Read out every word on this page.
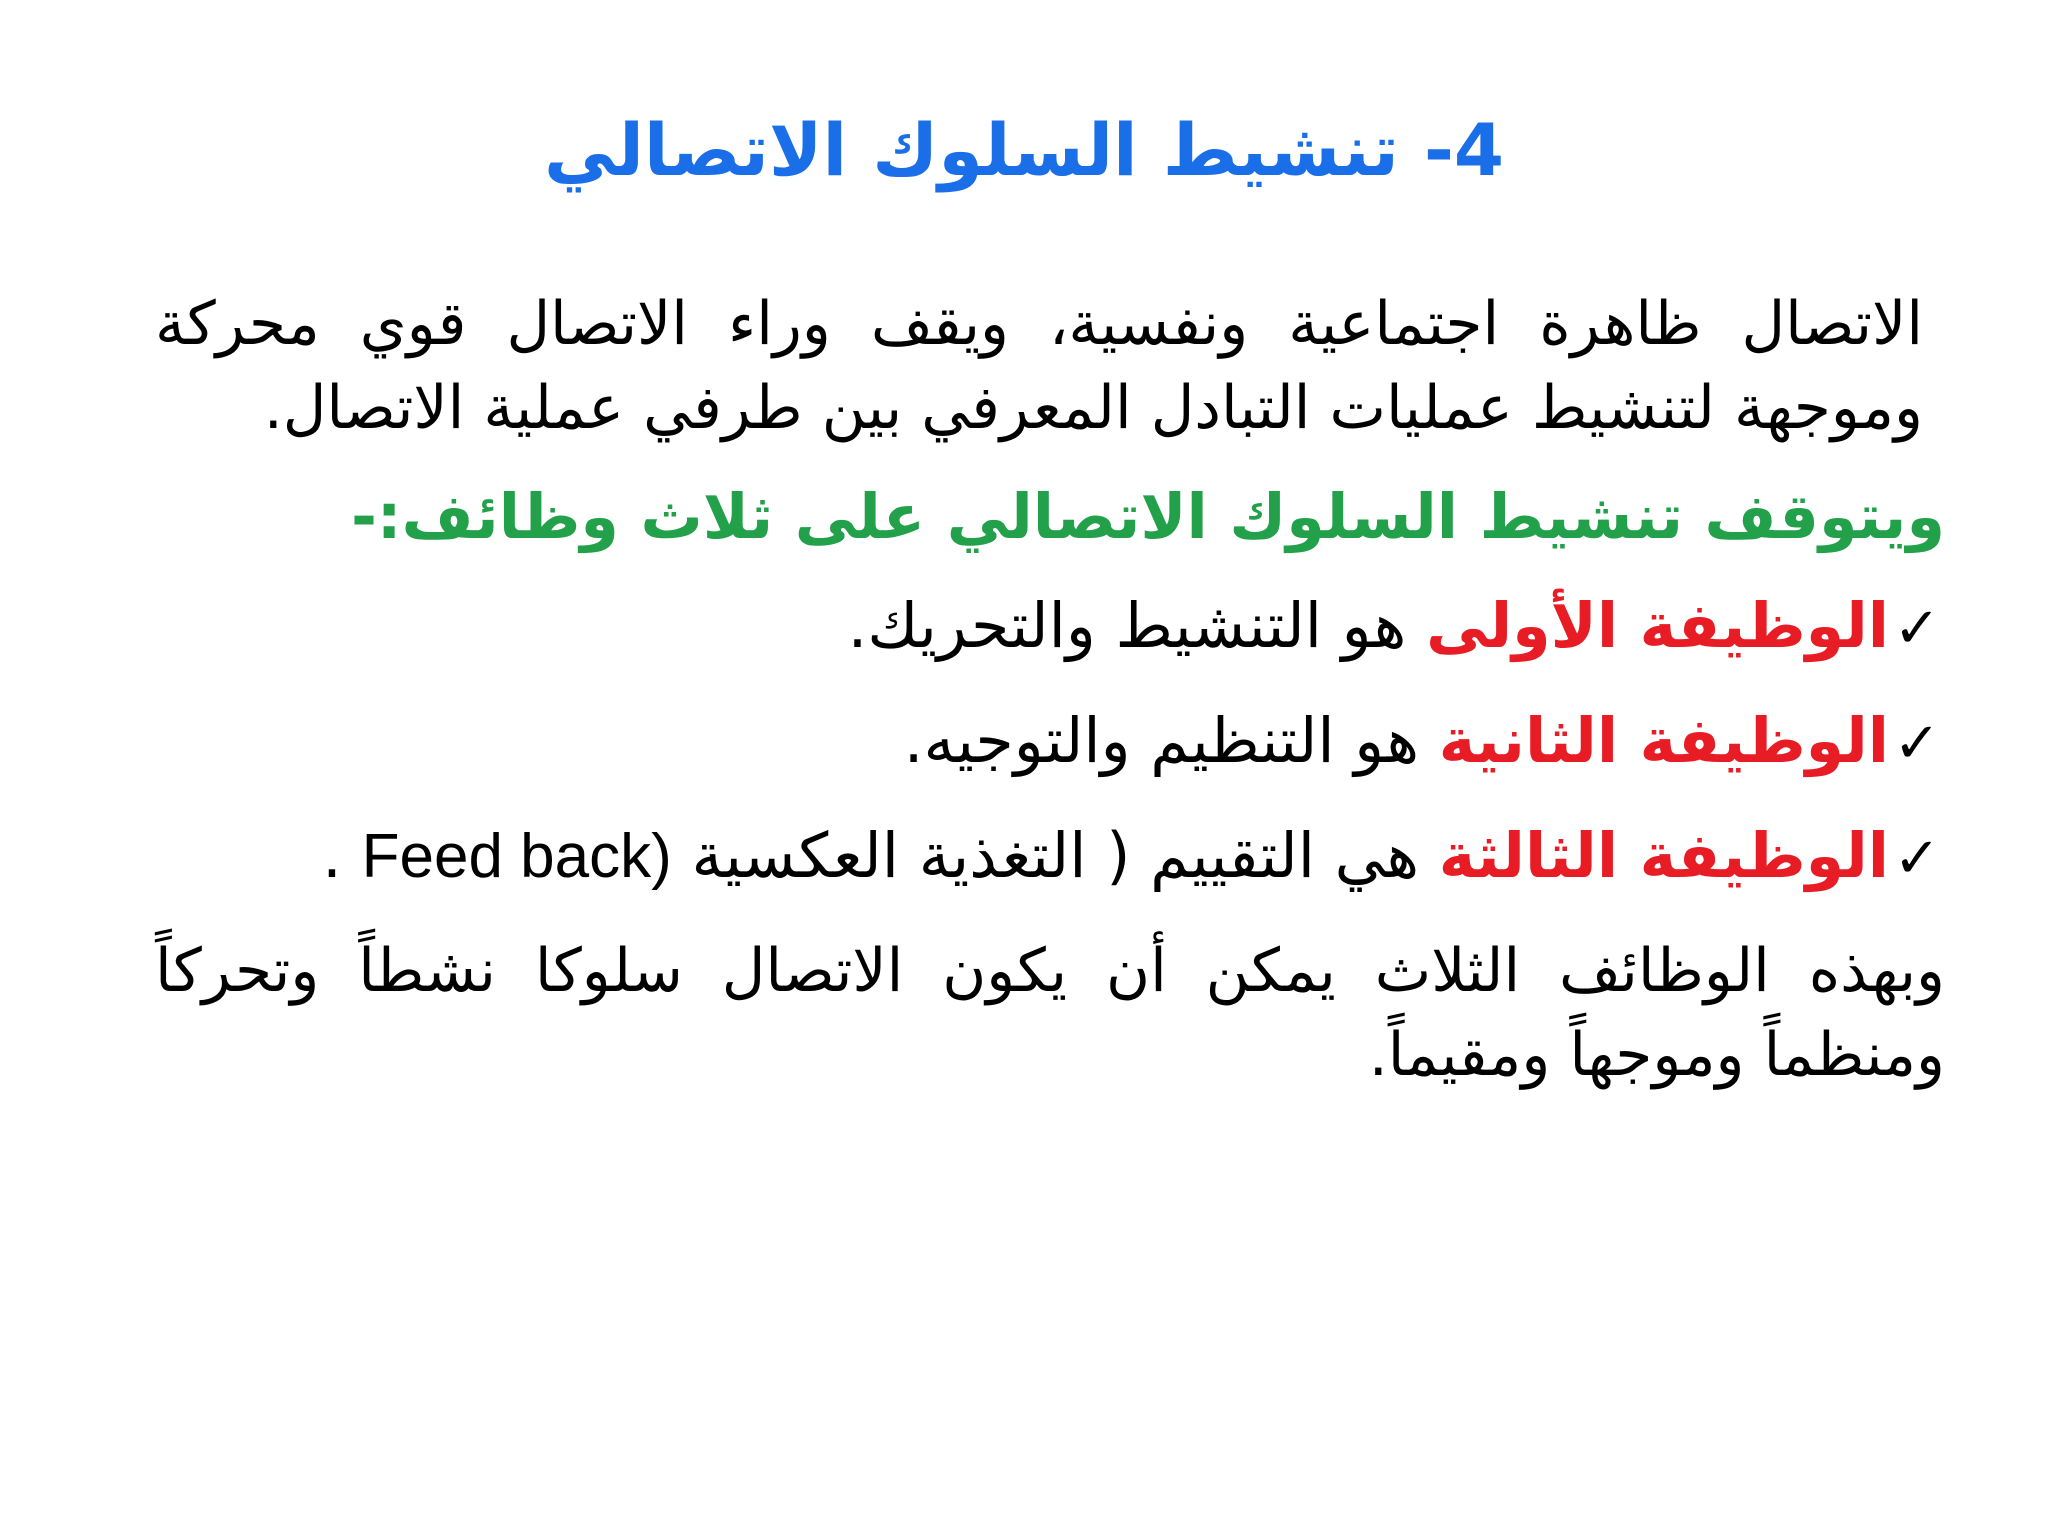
4- تنشيط السلوك الاتصالي

الاتصال ظاهرة اجتماعية ونفسية، ويقف وراء الاتصال قوي محركة وموجهة لتنشيط عمليات التبادل المعرفي بين طرفي عملية الاتصال.

ويتوقف تنشيط السلوك الاتصالي على ثلاث وظائف:-
✓الوظيفة الأولى هو التنشيط والتحريك.
✓الوظيفة الثانية هو التنظيم والتوجيه.
✓الوظيفة الثالثة هي التقييم ( التغذية العكسية Feed back) .

وبهذه الوظائف الثلاث يمكن أن يكون الاتصال سلوكا نشطاً وتحركاً ومنظماً وموجهاً ومقيماً.
